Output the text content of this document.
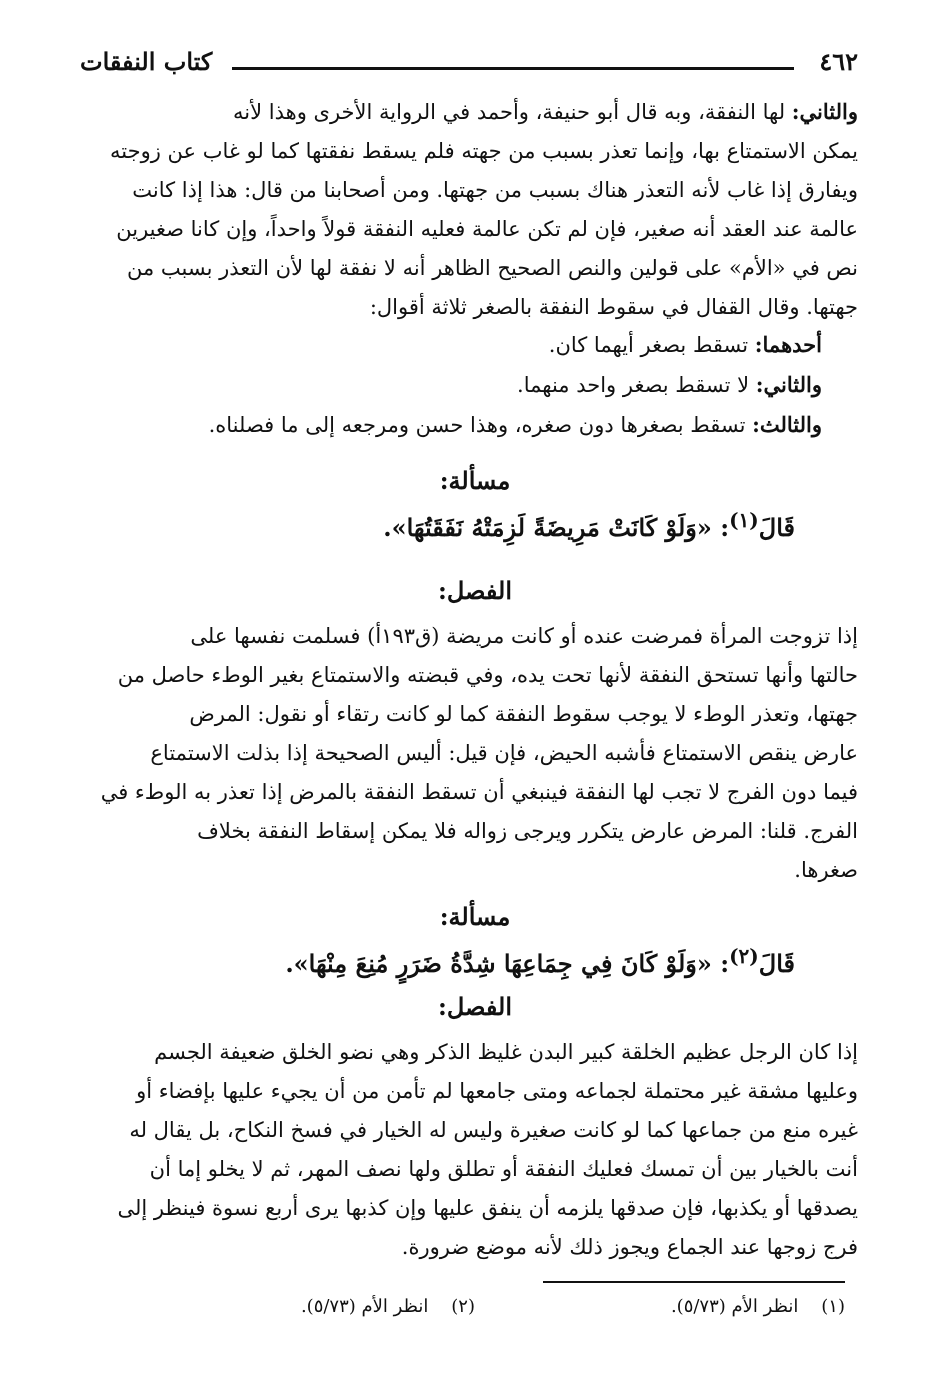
٤٦٢
كتاب النفقات
والثاني: لها النفقة، وبه قال أبو حنيفة، وأحمد في الرواية الأخرى وهذا لأنه
يمكن الاستمتاع بها، وإنما تعذر بسبب من جهته فلم يسقط نفقتها كما لو غاب عن زوجته
ويفارق إذا غاب لأنه التعذر هناك بسبب من جهتها. ومن أصحابنا من قال: هذا إذا كانت
عالمة عند العقد أنه صغير، فإن لم تكن عالمة فعليه النفقة قولاً واحداً، وإن كانا صغيرين
نص في «الأم» على قولين والنص الصحيح الظاهر أنه لا نفقة لها لأن التعذر بسبب من
جهتها. وقال القفال في سقوط النفقة بالصغر ثلاثة أقوال:
أحدهما: تسقط بصغر أيهما كان.
والثاني: لا تسقط بصغر واحد منهما.
والثالث: تسقط بصغرها دون صغره، وهذا حسن ومرجعه إلى ما فصلناه.
مسألة:
قَالَ$^{(١)}$: «وَلَوْ كَانَتْ مَرِيضَةً لَزِمَتْهُ نَفَقَتُهَا».
الفصل:
إذا تزوجت المرأة فمرضت عنده أو كانت مريضة (ق١٩٣أ) فسلمت نفسها على
حالتها وأنها تستحق النفقة لأنها تحت يده، وفي قبضته والاستمتاع بغير الوطء حاصل من
جهتها، وتعذر الوطء لا يوجب سقوط النفقة كما لو كانت رتقاء أو نقول: المرض
عارض ينقص الاستمتاع فأشبه الحيض، فإن قيل: أليس الصحيحة إذا بذلت الاستمتاع
فيما دون الفرج لا تجب لها النفقة فينبغي أن تسقط النفقة بالمرض إذا تعذر به الوطء في
الفرج. قلنا: المرض عارض يتكرر ويرجى زواله فلا يمكن إسقاط النفقة بخلاف
صغرها.
مسألة:
قَالَ$^{(٢)}$: «وَلَوْ كَانَ فِي جِمَاعِهَا شِدَّةُ ضَرَرٍ مُنِعَ مِنْهَا».
الفصل:
إذا كان الرجل عظيم الخلقة كبير البدن غليظ الذكر وهي نضو الخلق ضعيفة الجسم
وعليها مشقة غير محتملة لجماعه ومتى جامعها لم تأمن من أن يجيء عليها بإفضاء أو
غيره منع من جماعها كما لو كانت صغيرة وليس له الخيار في فسخ النكاح، بل يقال له
أنت بالخيار بين أن تمسك فعليك النفقة أو تطلق ولها نصف المهر، ثم لا يخلو إما أن
يصدقها أو يكذبها، فإن صدقها يلزمه أن ينفق عليها وإن كذبها يرى أربع نسوة فينظر إلى
فرج زوجها عند الجماع ويجوز ذلك لأنه موضع ضرورة.
(١)    انظر الأم (٥/٧٣).
(٢)    انظر الأم (٥/٧٣).
